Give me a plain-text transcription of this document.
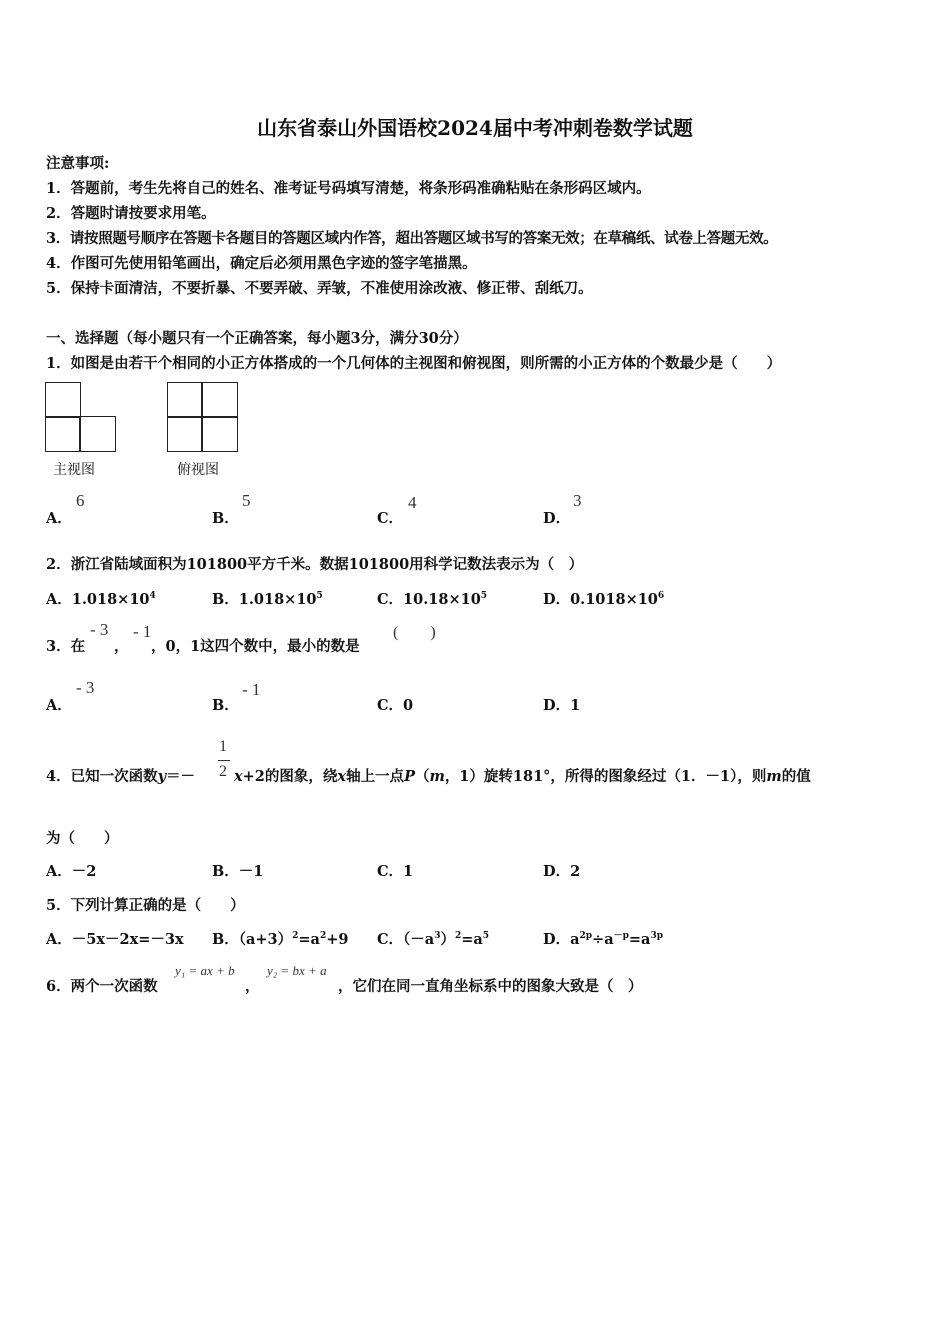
山东省泰山外国语校2024届中考冲刺卷数学试题
注意事项:
1．答题前，考生先将自己的姓名、准考证号码填写清楚，将条形码准确粘贴在条形码区域内。
2．答题时请按要求用笔。
3．请按照题号顺序在答题卡各题目的答题区域内作答，超出答题区域书写的答案无效；在草稿纸、试卷上答题无效。
4．作图可先使用铅笔画出，确定后必须用黑色字迹的签字笔描黑。
5．保持卡面清洁，不要折暴、不要弄破、弄皱，不准使用涂改液、修正带、刮纸刀。
一、选择题（每小题只有一个正确答案，每小题3分，满分30分）
1．如图是由若干个相同的小正方体搭成的一个几何体的主视图和俯视图，则所需的小正方体的个数最少是（　　）
主视图	俯视图
A．
6
B．
5
C．
4
D．
3
2．浙江省陆域面积为101800平方千米。数据101800用科学记数法表示为（　）
A．$1.018\times 10^4$	B．$1.018\times 10^5$	C．$10.18\times 10^5$	D．$0.1018\times 10^6$
3．在
- 3
，
- 1
，0，1这四个数中，最小的数是
(　　)
A．
- 3
B．
- 1
C．0	D．1
4．已知一次函数y＝－
1
2 x+2的图象，绕x轴上一点P（m，1）旋转181°，所得的图象经过（1．－1），则m的值
为（　　）
A．－2	B．－1	C．1	D．2
5．下列计算正确的是（　　）
A．－5x－2x=－3x B．$(a+3)^2=a^2+9$ C．$(-a^3)^2=a^5$	D．$a^{2p}\div a^{-p}=a^{3p}$
6．两个一次函数
y₁ = ax + b
，
y₂ = bx + a
，它们在同一直角坐标系中的图象大致是（　）
